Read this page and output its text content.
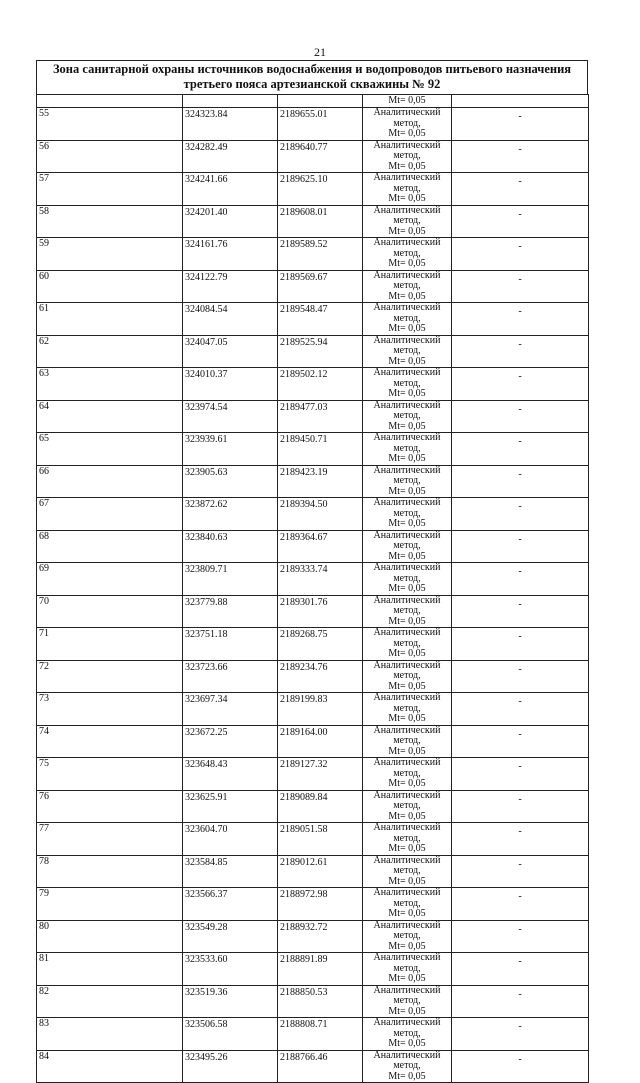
21
Зона санитарной охраны источников водоснабжения и водопроводов питьевого назначения
третьего пояса артезианской скважины № 92
			Mt= 0,05	
55	324323.84	2189655.01	Аналитический метод,
Mt= 0,05	-
56	324282.49	2189640.77	Аналитический метод,
Mt= 0,05	-
57	324241.66	2189625.10	Аналитический метод,
Mt= 0,05	-
58	324201.40	2189608.01	Аналитический метод,
Mt= 0,05	-
59	324161.76	2189589.52	Аналитический метод,
Mt= 0,05	-
60	324122.79	2189569.67	Аналитический метод,
Mt= 0,05	-
61	324084.54	2189548.47	Аналитический метод,
Mt= 0,05	-
62	324047.05	2189525.94	Аналитический метод,
Mt= 0,05	-
63	324010.37	2189502.12	Аналитический метод,
Mt= 0,05	-
64	323974.54	2189477.03	Аналитический метод,
Mt= 0,05	-
65	323939.61	2189450.71	Аналитический метод,
Mt= 0,05	-
66	323905.63	2189423.19	Аналитический метод,
Mt= 0,05	-
67	323872.62	2189394.50	Аналитический метод,
Mt= 0,05	-
68	323840.63	2189364.67	Аналитический метод,
Mt= 0,05	-
69	323809.71	2189333.74	Аналитический метод,
Mt= 0,05	-
70	323779.88	2189301.76	Аналитический метод,
Mt= 0,05	-
71	323751.18	2189268.75	Аналитический метод,
Mt= 0,05	-
72	323723.66	2189234.76	Аналитический метод,
Mt= 0,05	-
73	323697.34	2189199.83	Аналитический метод,
Mt= 0,05	-
74	323672.25	2189164.00	Аналитический метод,
Mt= 0,05	-
75	323648.43	2189127.32	Аналитический метод,
Mt= 0,05	-
76	323625.91	2189089.84	Аналитический метод,
Mt= 0,05	-
77	323604.70	2189051.58	Аналитический метод,
Mt= 0,05	-
78	323584.85	2189012.61	Аналитический метод,
Mt= 0,05	-
79	323566.37	2188972.98	Аналитический метод,
Mt= 0,05	-
80	323549.28	2188932.72	Аналитический метод,
Mt= 0,05	-
81	323533.60	2188891.89	Аналитический метод,
Mt= 0,05	-
82	323519.36	2188850.53	Аналитический метод,
Mt= 0,05	-
83	323506.58	2188808.71	Аналитический метод,
Mt= 0,05	-
84	323495.26	2188766.46	Аналитический метод,
Mt= 0,05	-
